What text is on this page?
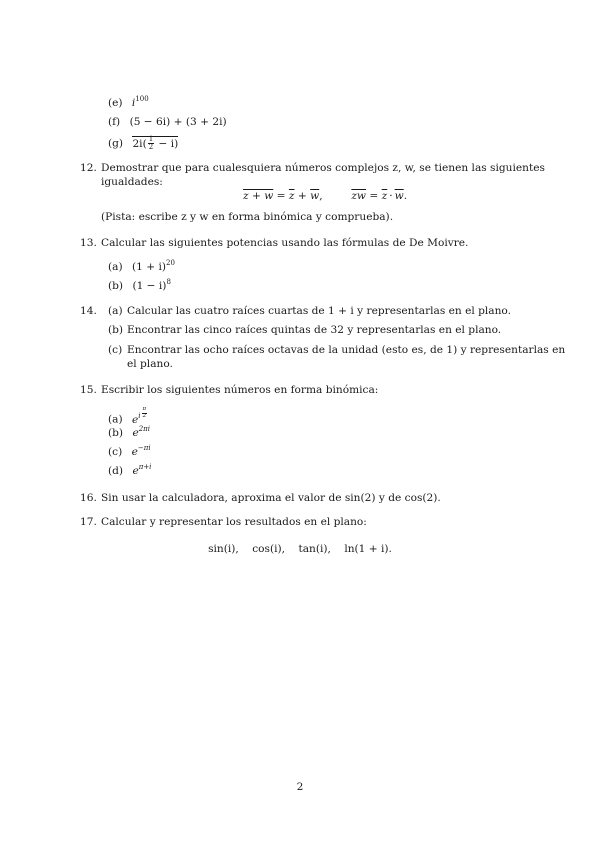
(e) $i^{100}$
(f) (5 − 6i) + (3 + 2i)
(g) $2i( \frac{1}{2} - i)$
12. Demostrar que para cualesquiera números complejos z, w, se tienen las siguientes
igualdades:
$z + w = \overline{z} + \overline{w}$,	$\overline{zw} = \overline{z} \cdot \overline{w}$.
(Pista: escribe z y w en forma binómica y comprueba).
13. Calcular las siguientes potencias usando las fórmulas de De Moivre.
(a) $(1 + i)^{20}$
(b) $(1 - i)^8$
14. (a) Calcular las cuatro raíces cuartas de 1 + i y representarlas en el plano.
(b) Encontrar las cinco raíces quintas de 32 y representarlas en el plano.
(c) Encontrar las ocho raíces octavas de la unidad (esto es, de 1) y representarlas en
el plano.
15. Escribir los siguientes números en forma binómica:
(a) $e^{i \frac{\pi}{2}}$
(b) $e^{2\pi i}$
(c) $e^{-\pi i}$
(d) $e^{\pi+i}$
16. Sin usar la calculadora, aproxima el valor de sin(2) y de cos(2).
17. Calcular y representar los resultados en el plano:
sin(i),    cos(i),    tan(i),    ln(1 + i).
2
